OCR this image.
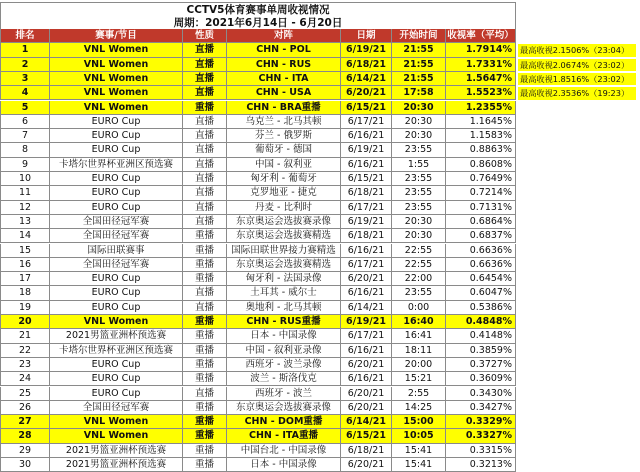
CCTV5体育赛事单周收视情况
周期：2021年6月14日 - 6月20日
排名	赛事/节目	性质	对阵	日期	开始时间	收视率（平均）
1	VNL Women	直播	CHN - POL	6/19/21	21:55	1.7914% 最高收视2.1506%（23:04）
2	VNL Women	直播	CHN - RUS	6/18/21	21:55	1.7331% 最高收视2.0674%（23:02）
3	VNL Women	直播	CHN - ITA	6/14/21	21:55	1.5647% 最高收视1.8516%（23:02）
4	VNL Women	直播	CHN - USA	6/20/21	17:58	1.5523% 最高收视2.3536%（19:23）
5	VNL Women	重播	CHN - BRA重播	6/15/21	20:30	1.2355%
6	EURO Cup	直播	乌克兰 - 北马其顿	6/17/21	20:30	1.1645%
7	EURO Cup	直播	芬兰 - 俄罗斯	6/16/21	20:30	1.1583%
8	EURO Cup	直播	葡萄牙 - 德国	6/19/21	23:55	0.8863%
9	卡塔尔世界杯亚洲区预选赛	直播	中国 - 叙利亚	6/16/21	1:55	0.8608%
10	EURO Cup	直播	匈牙利 - 葡萄牙	6/15/21	23:55	0.7649%
11	EURO Cup	直播	克罗地亚 - 捷克	6/18/21	23:55	0.7214%
12	EURO Cup	直播	丹麦 - 比利时	6/17/21	23:55	0.7131%
13	全国田径冠军赛	直播	东京奥运会选拔赛录像	6/19/21	20:30	0.6864%
14	全国田径冠军赛	重播	东京奥运会选拔赛精选	6/18/21	20:30	0.6837%
15	国际田联赛事	重播	国际田联世界接力赛精选	6/16/21	22:55	0.6636%
16	全国田径冠军赛	重播	东京奥运会选拔赛精选	6/17/21	22:55	0.6636%
17	EURO Cup	重播	匈牙利 - 法国录像	6/20/21	22:00	0.6454%
18	EURO Cup	直播	土耳其 - 威尔士	6/16/21	23:55	0.6047%
19	EURO Cup	直播	奥地利 - 北马其顿	6/14/21	0:00	0.5386%
20	VNL Women	重播	CHN - RUS重播	6/19/21	16:40	0.4848%
21	2021男篮亚洲杯预选赛	重播	日本 - 中国录像	6/17/21	16:41	0.4148%
22	卡塔尔世界杯亚洲区预选赛	重播	中国 - 叙利亚录像	6/16/21	18:11	0.3859%
23	EURO Cup	重播	西班牙 - 波兰录像	6/20/21	20:00	0.3727%
24	EURO Cup	重播	波兰 - 斯洛伐克	6/16/21	15:21	0.3609%
25	EURO Cup	直播	西班牙 - 波兰	6/20/21	2:55	0.3430%
26	全国田径冠军赛	重播	东京奥运会选拔赛录像	6/20/21	14:25	0.3427%
27	VNL Women	重播	CHN - DOM重播	6/14/21	15:00	0.3329%
28	VNL Women	重播	CHN - ITA重播	6/15/21	10:05	0.3327%
29	2021男篮亚洲杯预选赛	重播	中国台北 - 中国录像	6/18/21	15:41	0.3315%
30	2021男篮亚洲杯预选赛	重播	日本 - 中国录像	6/20/21	15:41	0.3213%
